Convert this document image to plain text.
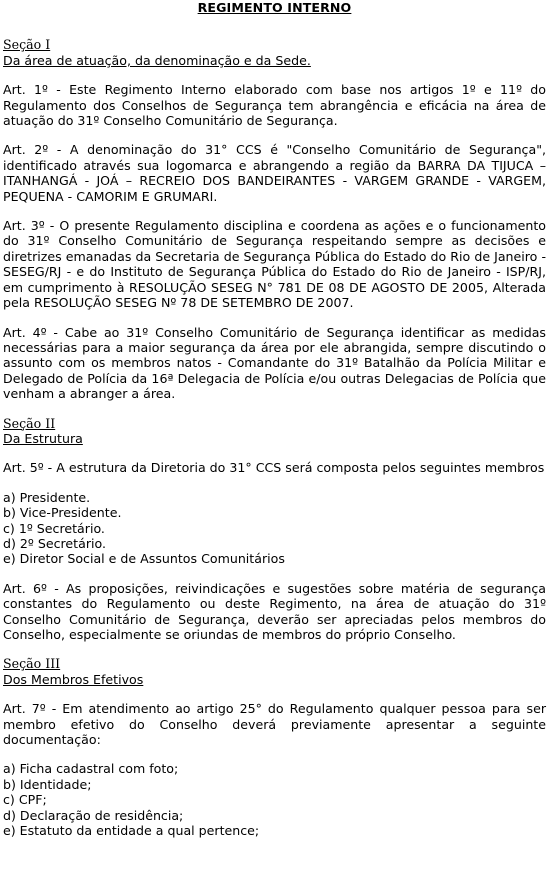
REGIMENTO INTERNO
Seção I
Da área de atuação, da denominação e da Sede.

Art. 1º - Este Regimento Interno elaborado com base nos artigos 1º e 11º do Regulamento dos Conselhos de Segurança tem abrangência e eficácia na área de atuação do 31º Conselho Comunitário de Segurança.

Art. 2º - A denominação do 31° CCS é "Conselho Comunitário de Segurança", identificado através sua logomarca e abrangendo a região da BARRA DA TIJUCA – ITANHANGÁ - JOÁ – RECREIO DOS BANDEIRANTES - VARGEM GRANDE - VARGEM, PEQUENA - CAMORIM E GRUMARI.

Art. 3º - O presente Regulamento disciplina e coordena as ações e o funcionamento do 31º Conselho Comunitário de Segurança respeitando sempre as decisões e diretrizes emanadas da Secretaria de Segurança Pública do Estado do Rio de Janeiro - SESEG/RJ - e do Instituto de Segurança Pública do Estado do Rio de Janeiro - ISP/RJ, em cumprimento à RESOLUÇÃO SESEG N° 781 DE 08 DE AGOSTO DE 2005, Alterada pela RESOLUÇÃO SESEG Nº 78 DE SETEMBRO DE 2007.

Art. 4º - Cabe ao 31º Conselho Comunitário de Segurança identificar as medidas necessárias para a maior segurança da área por ele abrangida, sempre discutindo o assunto com os membros natos - Comandante do 31º Batalhão da Polícia Militar e Delegado de Polícia da 16ª Delegacia de Polícia e/ou outras Delegacias de Polícia que venham a abranger a área.

Seção II
Da Estrutura

Art. 5º - A estrutura da Diretoria do 31° CCS será composta pelos seguintes membros

a) Presidente.
b) Vice-Presidente.
c) 1º Secretário.
d) 2º Secretário.
e) Diretor Social e de Assuntos Comunitários

Art. 6º - As proposições, reivindicações e sugestões sobre matéria de segurança constantes do Regulamento ou deste Regimento, na área de atuação do 31º Conselho Comunitário de Segurança, deverão ser apreciadas pelos membros do Conselho, especialmente se oriundas de membros do próprio Conselho.

Seção III
Dos Membros Efetivos

Art. 7º - Em atendimento ao artigo 25° do Regulamento qualquer pessoa para ser membro efetivo do Conselho deverá previamente apresentar a seguinte documentação:

a) Ficha cadastral com foto;
b) Identidade;
c) CPF;
d) Declaração de residência;
e) Estatuto da entidade a qual pertence;
